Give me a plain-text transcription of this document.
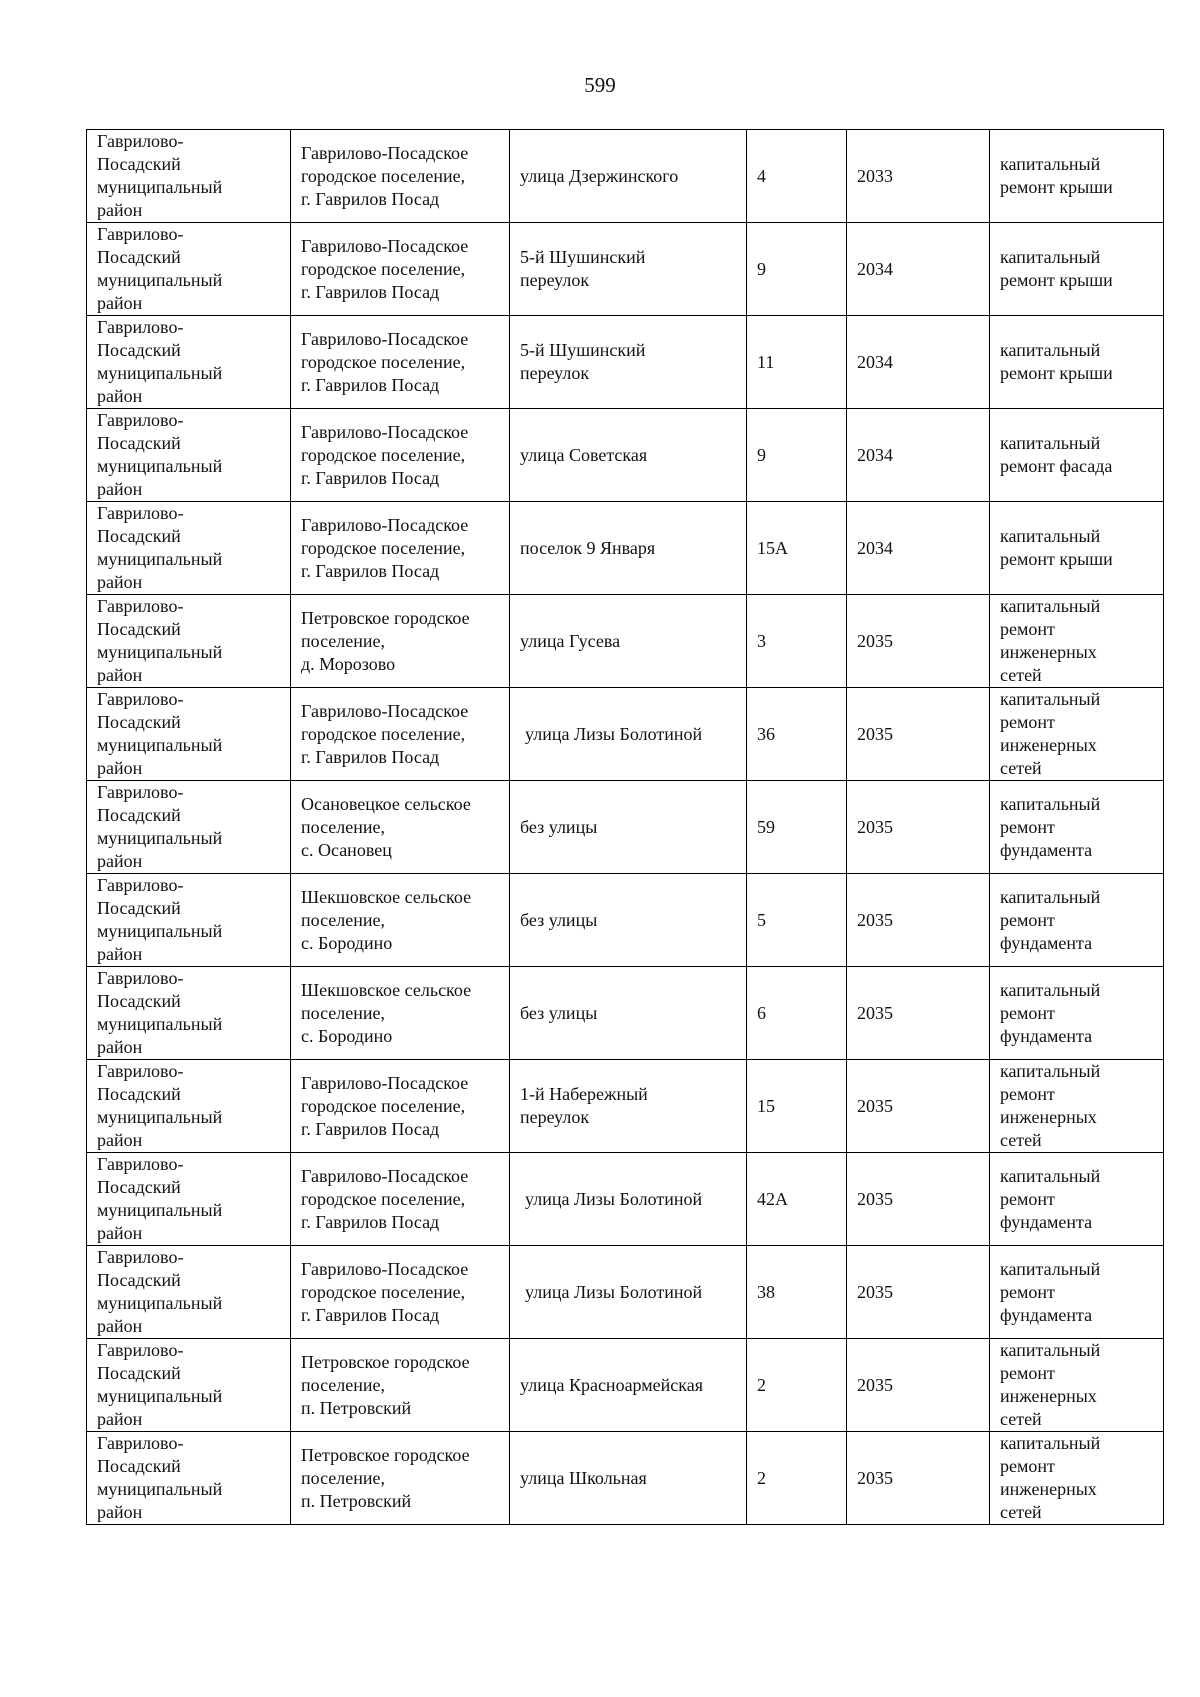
599
Гаврилово-
Посадский
муниципальный
район	Гаврилово-Посадское
городское поселение,
г. Гаврилов Посад	улица Дзержинского	4	2033	капитальный
ремонт крыши

Гаврилово-
Посадский
муниципальный
район	Гаврилово-Посадское
городское поселение,
г. Гаврилов Посад	5-й Шушинский
переулок	9	2034	капитальный
ремонт крыши

Гаврилово-
Посадский
муниципальный
район	Гаврилово-Посадское
городское поселение,
г. Гаврилов Посад	5-й Шушинский
переулок	11	2034	капитальный
ремонт крыши

Гаврилово-
Посадский
муниципальный
район	Гаврилово-Посадское
городское поселение,
г. Гаврилов Посад	улица Советская	9	2034	капитальный
ремонт фасада

Гаврилово-
Посадский
муниципальный
район	Гаврилово-Посадское
городское поселение,
г. Гаврилов Посад	поселок 9 Января	15А	2034	капитальный
ремонт крыши

Гаврилово-
Посадский
муниципальный
район	Петровское городское
поселение,
д. Морозово	улица Гусева	3	2035	капитальный
ремонт
инженерных
сетей

Гаврилово-
Посадский
муниципальный
район	Гаврилово-Посадское
городское поселение,
г. Гаврилов Посад	улица Лизы Болотиной	36	2035	капитальный
ремонт
инженерных
сетей

Гаврилово-
Посадский
муниципальный
район	Осановецкое сельское
поселение,
с. Осановец	без улицы	59	2035	капитальный
ремонт
фундамента

Гаврилово-
Посадский
муниципальный
район	Шекшовское сельское
поселение,
с. Бородино	без улицы	5	2035	капитальный
ремонт
фундамента

Гаврилово-
Посадский
муниципальный
район	Шекшовское сельское
поселение,
с. Бородино	без улицы	6	2035	капитальный
ремонт
фундамента

Гаврилово-
Посадский
муниципальный
район	Гаврилово-Посадское
городское поселение,
г. Гаврилов Посад	1-й Набережный
переулок	15	2035	капитальный
ремонт
инженерных
сетей

Гаврилово-
Посадский
муниципальный
район	Гаврилово-Посадское
городское поселение,
г. Гаврилов Посад	улица Лизы Болотиной	42А	2035	капитальный
ремонт
фундамента

Гаврилово-
Посадский
муниципальный
район	Гаврилово-Посадское
городское поселение,
г. Гаврилов Посад	улица Лизы Болотиной	38	2035	капитальный
ремонт
фундамента

Гаврилово-
Посадский
муниципальный
район	Петровское городское
поселение,
п. Петровский	улица Красноармейская	2	2035	капитальный
ремонт
инженерных
сетей

Гаврилово-
Посадский
муниципальный
район	Петровское городское
поселение,
п. Петровский	улица Школьная	2	2035	капитальный
ремонт
инженерных
сетей
